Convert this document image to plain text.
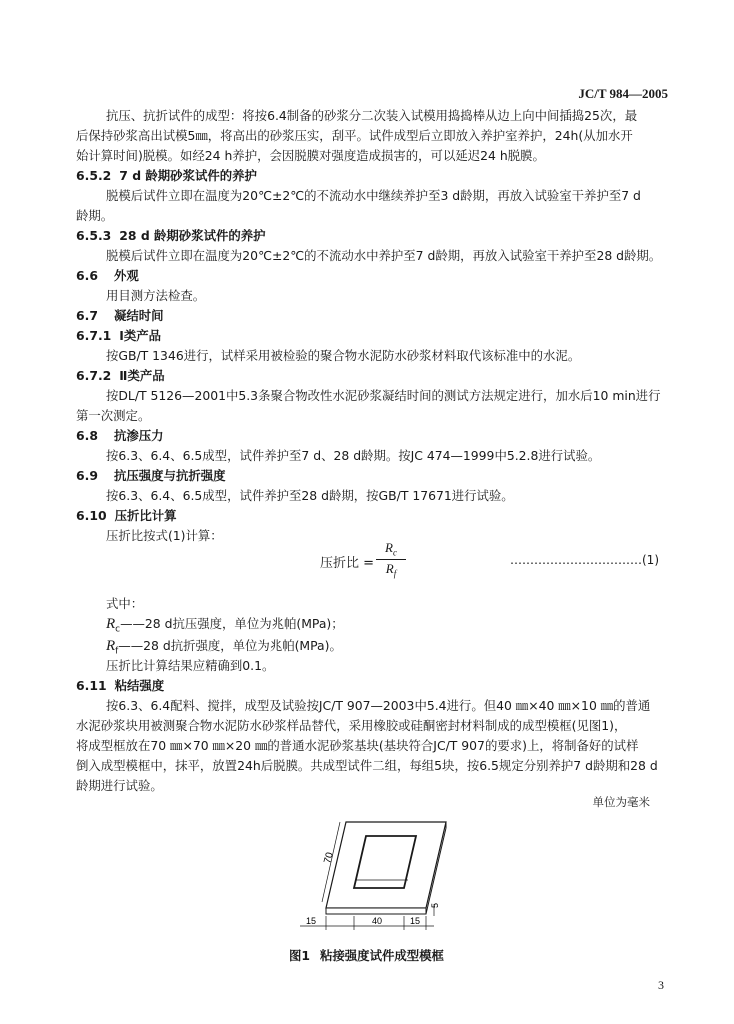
JC/T 984—2005
抗压、抗折试件的成型：将按6.4制备的砂浆分二次装入试模用捣捣棒从边上向中间插捣25次，最
后保持砂浆高出试模5㎜，将高出的砂浆压实，刮平。试件成型后立即放入养护室养护，24h(从加水开
始计算时间)脱模。如经24 h养护，会因脱膜对强度造成损害的，可以延迟24 h脱膜。
6.5.2 7 d 龄期砂浆试件的养护
脱模后试件立即在温度为20℃±2℃的不流动水中继续养护至3 d龄期，再放入试验室干养护至7 d
龄期。
6.5.3 28 d 龄期砂浆试件的养护
脱模后试件立即在温度为20℃±2℃的不流动水中养护至7 d龄期，再放入试验室干养护至28 d龄期。
6.6 外观
用目测方法检查。
6.7 凝结时间
6.7.1 Ⅰ类产品
按GB/T 1346进行，试样采用被检验的聚合物水泥防水砂浆材料取代该标准中的水泥。
6.7.2 Ⅱ类产品
按DL/T 5126—2001中5.3条聚合物改性水泥砂浆凝结时间的测试方法规定进行，加水后10 min进行
第一次测定。
6.8 抗渗压力
按6.3、6.4、6.5成型，试件养护至7 d、28 d龄期。按JC 474—1999中5.2.8进行试验。
6.9 抗压强度与抗折强度
按6.3、6.4、6.5成型，试件养护至28 d龄期，按GB/T 17671进行试验。
6.10 压折比计算
压折比按式(1)计算：
压折比 =
$R_c$
$R_f$
……………………………(1)
式中：
$R_c——28$ d抗压强度，单位为兆帕(MPa)；
$R_f——28$ d抗折强度，单位为兆帕(MPa)。
压折比计算结果应精确到0.1。
6.11 粘结强度
按6.3、6.4配料、搅拌，成型及试验按JC/T 907—2003中5.4进行。但40 ㎜×40 ㎜×10 ㎜的普通
水泥砂浆块用被测聚合物水泥防水砂浆样品替代，采用橡胶或硅酮密封材料制成的成型模框(见图1)，
将成型框放在70 ㎜×70 ㎜×20 ㎜的普通水泥砂浆基块(基块符合JC/T 907的要求)上，将制备好的试样
倒入成型模框中，抹平，放置24h后脱膜。共成型试件二组，每组5块，按6.5规定分别养护7 d龄期和28 d
龄期进行试验。
单位为毫米
70
5
15	40	15
图1 粘接强度试件成型模框
3
